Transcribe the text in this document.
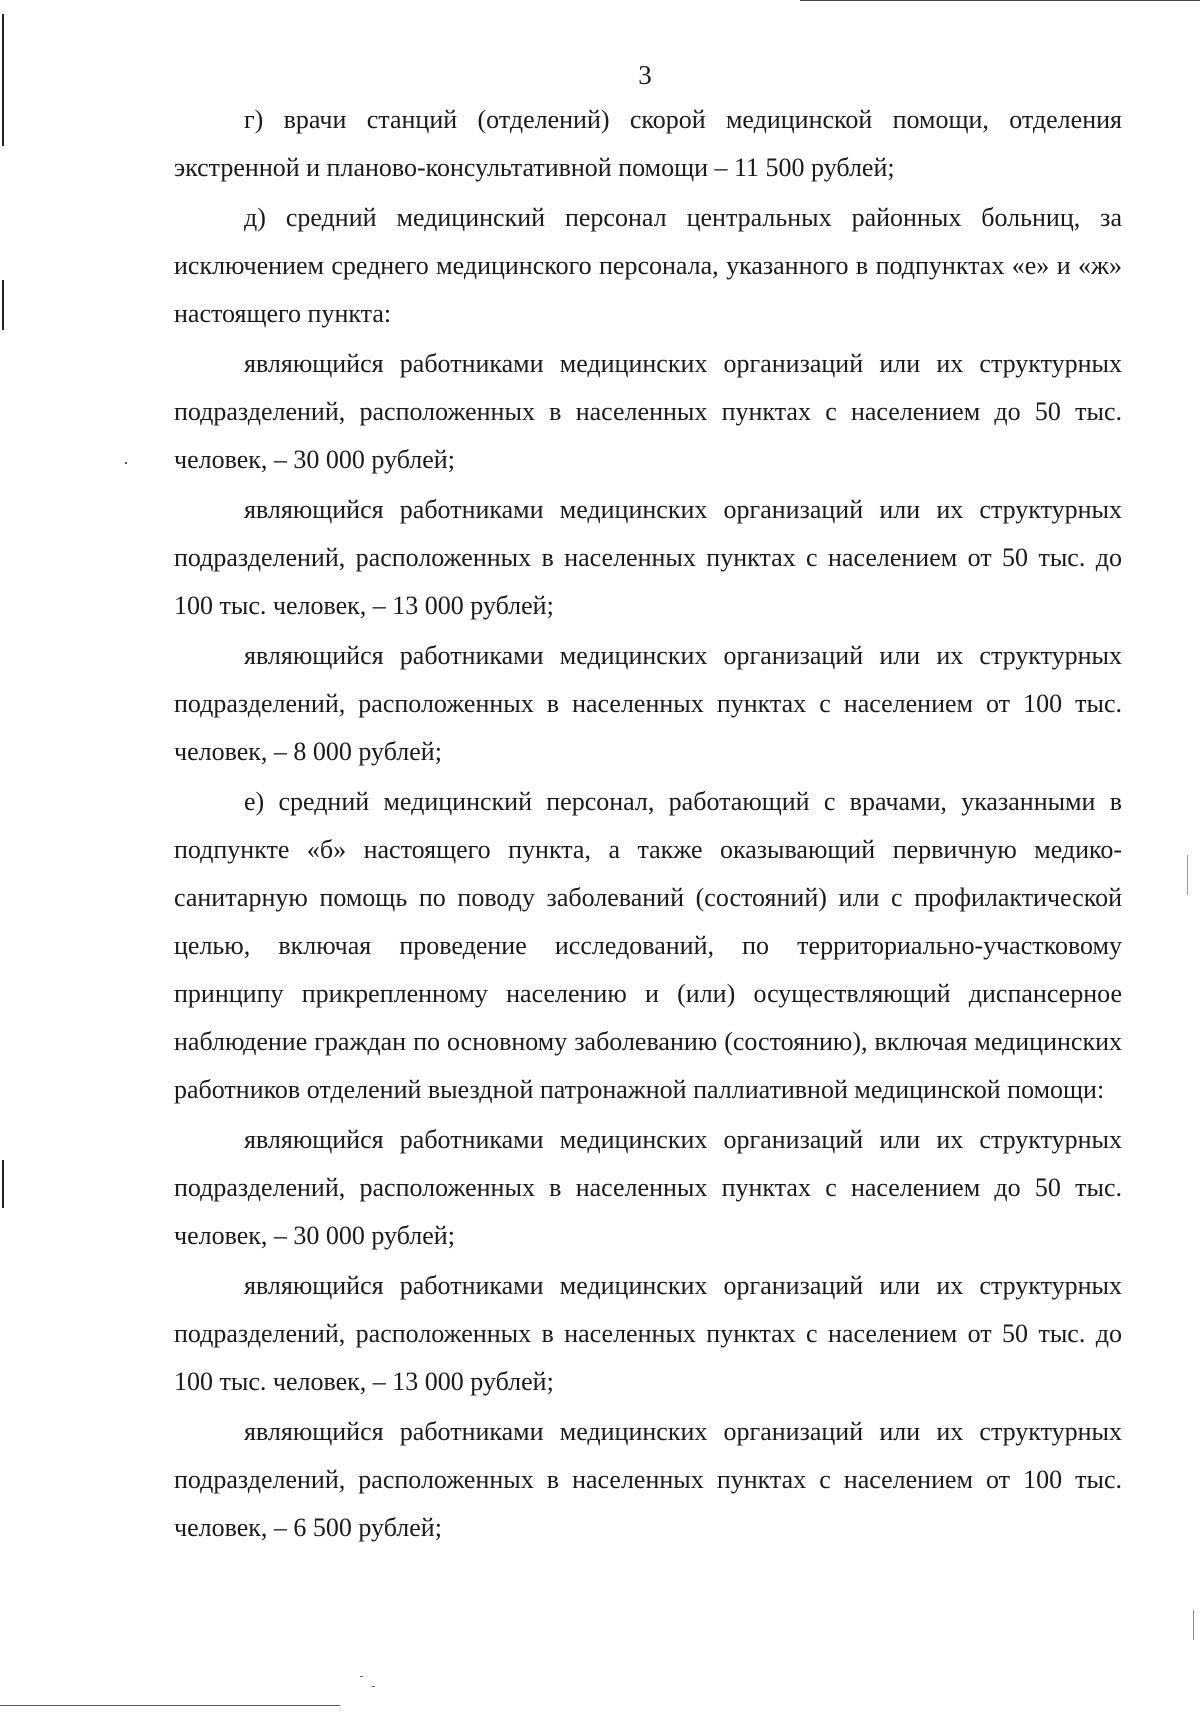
3

г) врачи станций (отделений) скорой медицинской помощи, отделения экстренной и планово-консультативной помощи – 11 500 рублей;

д) средний медицинский персонал центральных районных больниц, за исключением среднего медицинского персонала, указанного в подпунктах «е» и «ж» настоящего пункта:

являющийся работниками медицинских организаций или их структурных подразделений, расположенных в населенных пунктах с населением до 50 тыс. человек, – 30 000 рублей;

являющийся работниками медицинских организаций или их структурных подразделений, расположенных в населенных пунктах с населением от 50 тыс. до 100 тыс. человек, – 13 000 рублей;

являющийся работниками медицинских организаций или их структурных подразделений, расположенных в населенных пунктах с населением от 100 тыс. человек, – 8 000 рублей;

е) средний медицинский персонал, работающий с врачами, указанными в подпункте «б» настоящего пункта, а также оказывающий первичную медико-санитарную помощь по поводу заболеваний (состояний) или с профилактической целью, включая проведение исследований, по территориально-участковому принципу прикрепленному населению и (или) осуществляющий диспансерное наблюдение граждан по основному заболеванию (состоянию), включая медицинских работников отделений выездной патронажной паллиативной медицинской помощи:

являющийся работниками медицинских организаций или их структурных подразделений, расположенных в населенных пунктах с населением до 50 тыс. человек, – 30 000 рублей;

являющийся работниками медицинских организаций или их структурных подразделений, расположенных в населенных пунктах с населением от 50 тыс. до 100 тыс. человек, – 13 000 рублей;

являющийся работниками медицинских организаций или их структурных подразделений, расположенных в населенных пунктах с населением от 100 тыс. человек, – 6 500 рублей;
